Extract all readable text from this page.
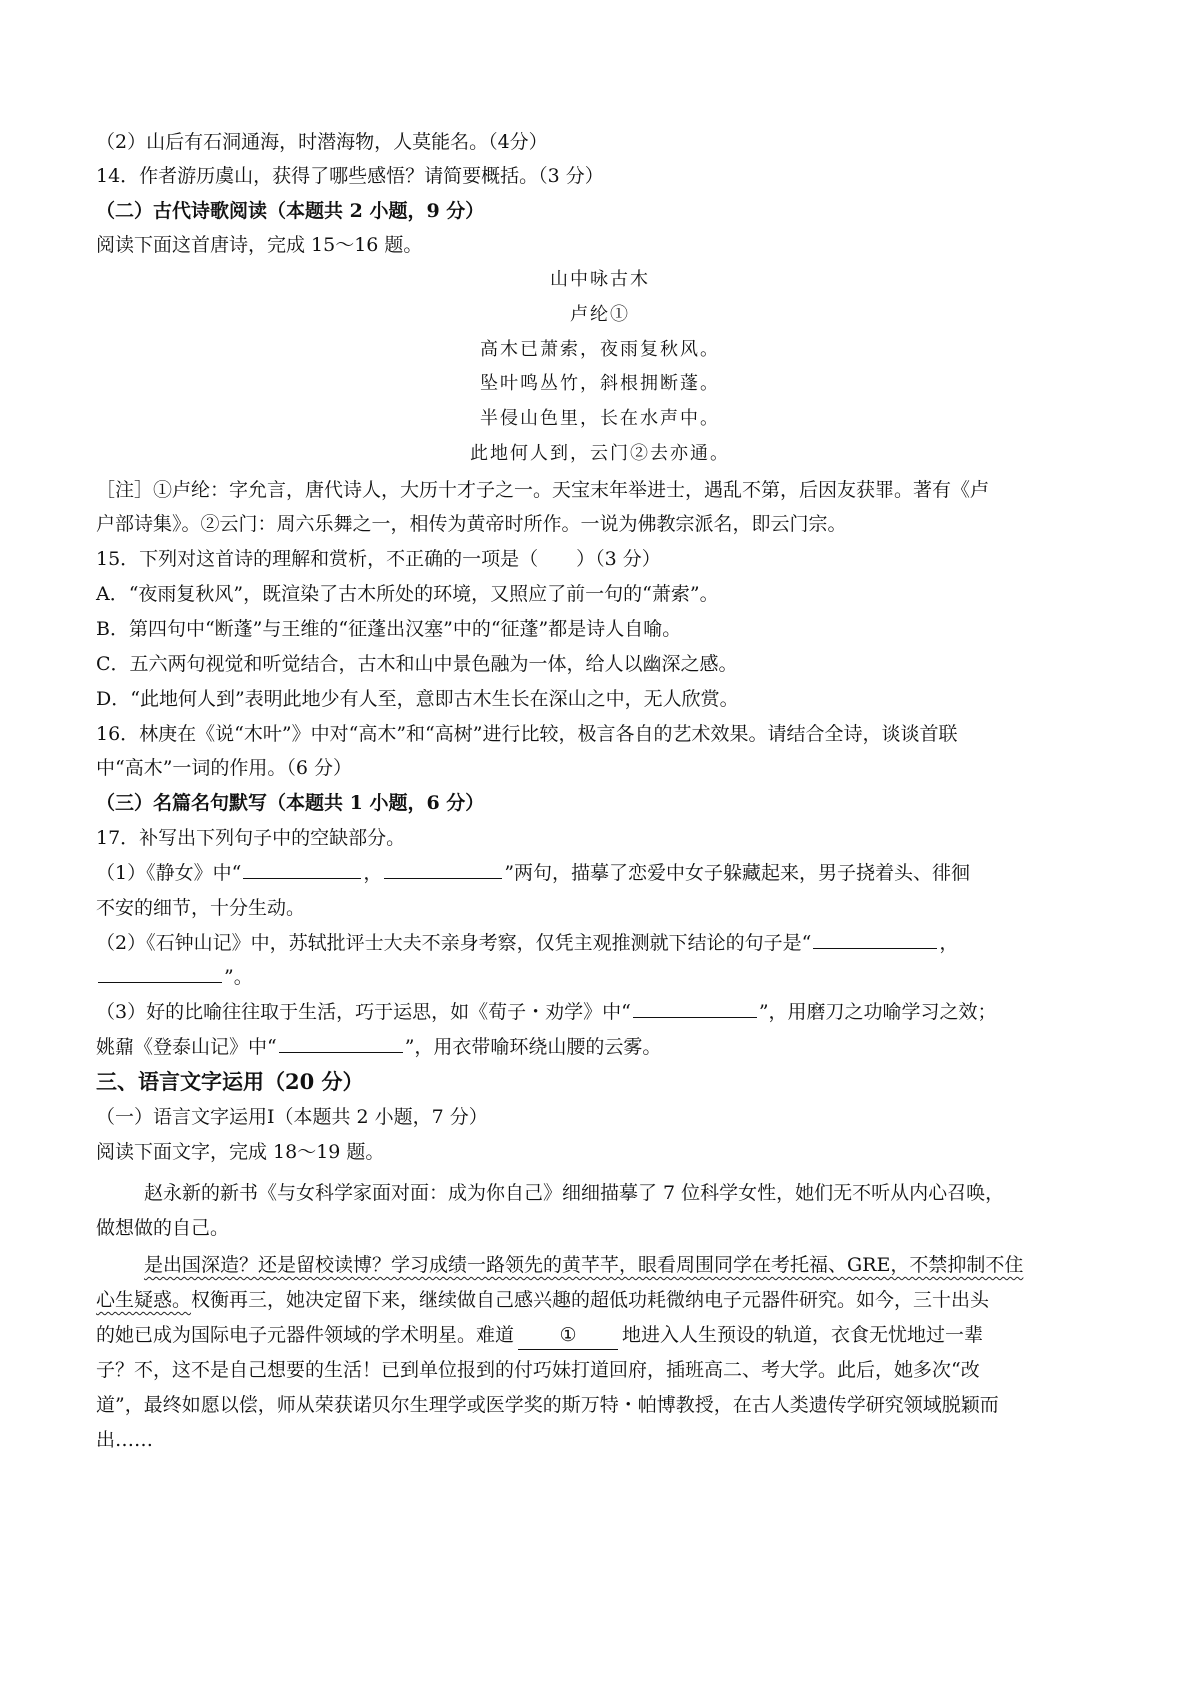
（2）山后有石洞通海，时潜海物，人莫能名。（4分）
14．作者游历虞山，获得了哪些感悟？请简要概括。（3 分）
（二）古代诗歌阅读（本题共 2 小题，9 分）
阅读下面这首唐诗，完成 15～16 题。
山中咏古木
卢纶①
高木已萧索，夜雨复秋风。
坠叶鸣丛竹，斜根拥断蓬。
半侵山色里，长在水声中。
此地何人到，云门②去亦通。
［注］①卢纶：字允言，唐代诗人，大历十才子之一。天宝末年举进士，遇乱不第，后因友获罪。著有《卢
户部诗集》。②云门：周六乐舞之一，相传为黄帝时所作。一说为佛教宗派名，即云门宗。
15．下列对这首诗的理解和赏析，不正确的一项是（　　）（3 分）
A．“夜雨复秋风”，既渲染了古木所处的环境，又照应了前一句的“萧索”。
B．第四句中“断蓬”与王维的“征蓬出汉塞”中的“征蓬”都是诗人自喻。
C．五六两句视觉和听觉结合，古木和山中景色融为一体，给人以幽深之感。
D．“此地何人到”表明此地少有人至，意即古木生长在深山之中，无人欣赏。
16．林庚在《说“木叶”》中对“高木”和“高树”进行比较，极言各自的艺术效果。请结合全诗，谈谈首联
中“高木”一词的作用。（6 分）
（三）名篇名句默写（本题共 1 小题，6 分）
17．补写出下列句子中的空缺部分。
（1）《静女》中“	，	”两句，描摹了恋爱中女子躲藏起来，男子挠着头、徘徊
不安的细节，十分生动。
（2）《石钟山记》中，苏轼批评士大夫不亲身考察，仅凭主观推测就下结论的句子是“	，
”。
（3）好的比喻往往取于生活，巧于运思，如《荀子・劝学》中“	”，用磨刀之功喻学习之效；
姚鼐《登泰山记》中“	”，用衣带喻环绕山腰的云雾。
三、语言文字运用（20 分）
（一）语言文字运用Ⅰ（本题共 2 小题，7 分）
阅读下面文字，完成 18～19 题。
赵永新的新书《与女科学家面对面：成为你自己》细细描摹了 7 位科学女性，她们无不听从内心召唤，
做想做的自己。
是出国深造？还是留校读博？学习成绩一路领先的黄芊芊，眼看周围同学在考托福、GRE，不禁抑制不住
心生疑惑。权衡再三，她决定留下来，继续做自己感兴趣的超低功耗微纳电子元器件研究。如今，三十出头
的她已成为国际电子元器件领域的学术明星。难道 ① 地进入人生预设的轨道，衣食无忧地过一辈
子？不，这不是自己想要的生活！已到单位报到的付巧妹打道回府，插班高二、考大学。此后，她多次“改
道”，最终如愿以偿，师从荣获诺贝尔生理学或医学奖的斯万特・帕博教授，在古人类遗传学研究领域脱颖而
出……
